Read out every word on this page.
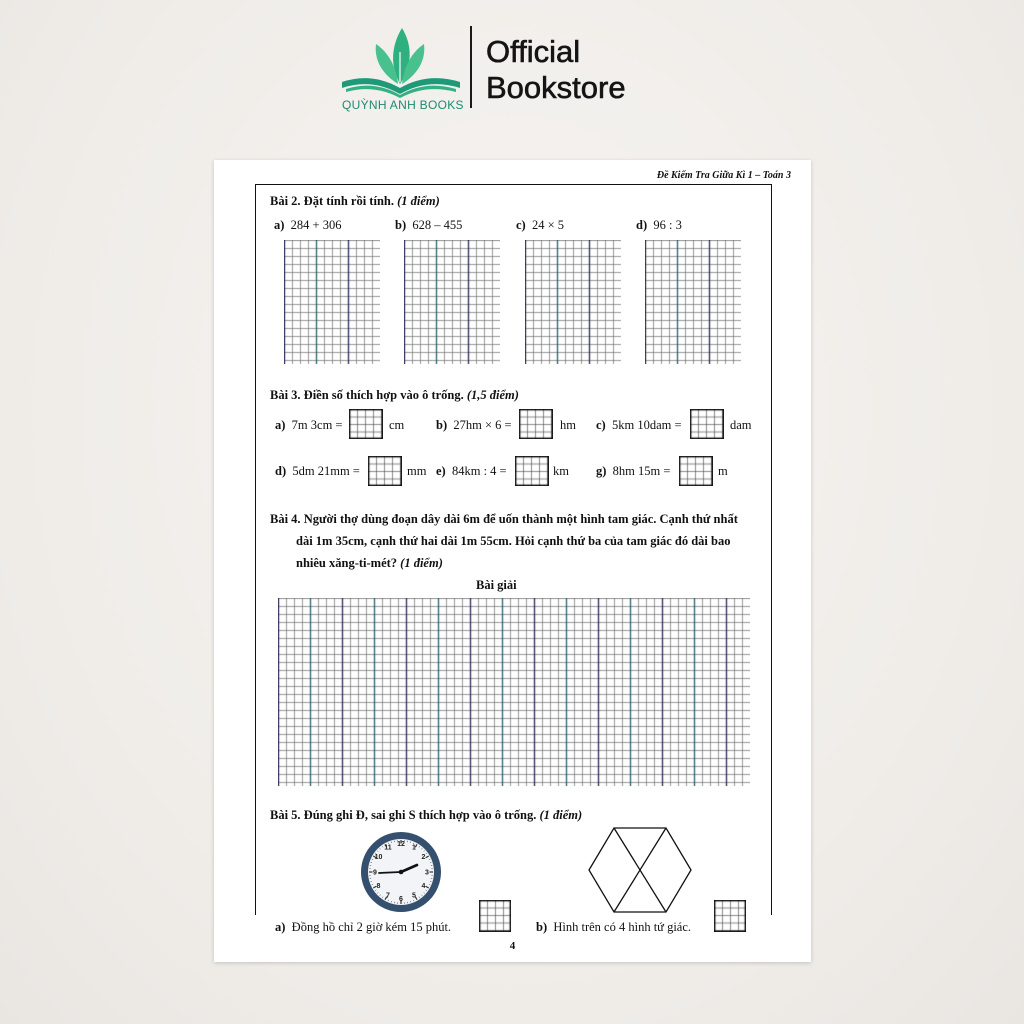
QUỲNH ANH BOOKS
Official
Bookstore
Đề Kiểm Tra Giữa Kì 1 – Toán 3
Bài 2. Đặt tính rồi tính. (1 điểm)
a) 284 + 306	b) 628 – 455	c) 24 × 5	d) 96 : 3
Bài 3. Điền số thích hợp vào ô trống. (1,5 điểm)
a) 7m 3cm =	cm	b) 27hm × 6 =	hm c) 5km 10dam =	dam
d) 5dm 21mm =	mm e) 84km : 4 =	km g) 8hm 15m =	m
Bài 4. Người thợ dùng đoạn dây dài 6m để uốn thành một hình tam giác. Cạnh thứ nhất
dài 1m 35cm, cạnh thứ hai dài 1m 55cm. Hỏi cạnh thứ ba của tam giác đó dài bao
nhiêu xăng-ti-mét? (1 điểm)
Bài giải
Bài 5. Đúng ghi Đ, sai ghi S thích hợp vào ô trống. (1 điểm)
12 1
2
3
4
5
6
7
8
9
10
11
a) Đồng hồ chỉ 2 giờ kém 15 phút.	b) Hình trên có 4 hình tứ giác.
4
